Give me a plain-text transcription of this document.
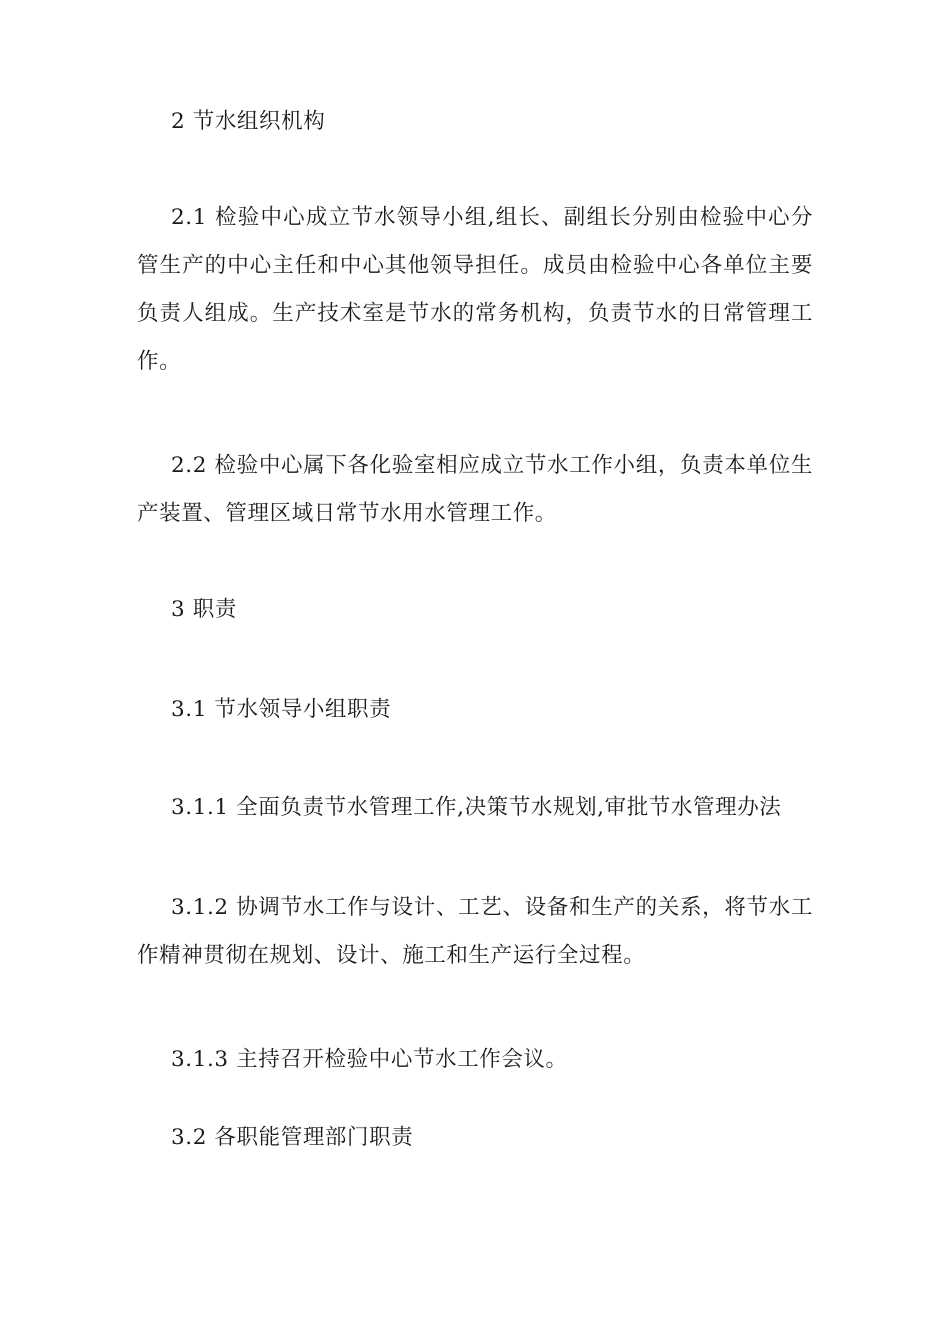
2 节水组织机构

2.1 检验中心成立节水领导小组,组长、副组长分别由检验中心分管生产的中心主任和中心其他领导担任。成员由检验中心各单位主要负责人组成。生产技术室是节水的常务机构，负责节水的日常管理工作。

2.2 检验中心属下各化验室相应成立节水工作小组，负责本单位生产装置、管理区域日常节水用水管理工作。

3 职责

3.1 节水领导小组职责

3.1.1 全面负责节水管理工作,决策节水规划,审批节水管理办法

3.1.2 协调节水工作与设计、工艺、设备和生产的关系，将节水工作精神贯彻在规划、设计、施工和生产运行全过程。

3.1.3 主持召开检验中心节水工作会议。

3.2 各职能管理部门职责
